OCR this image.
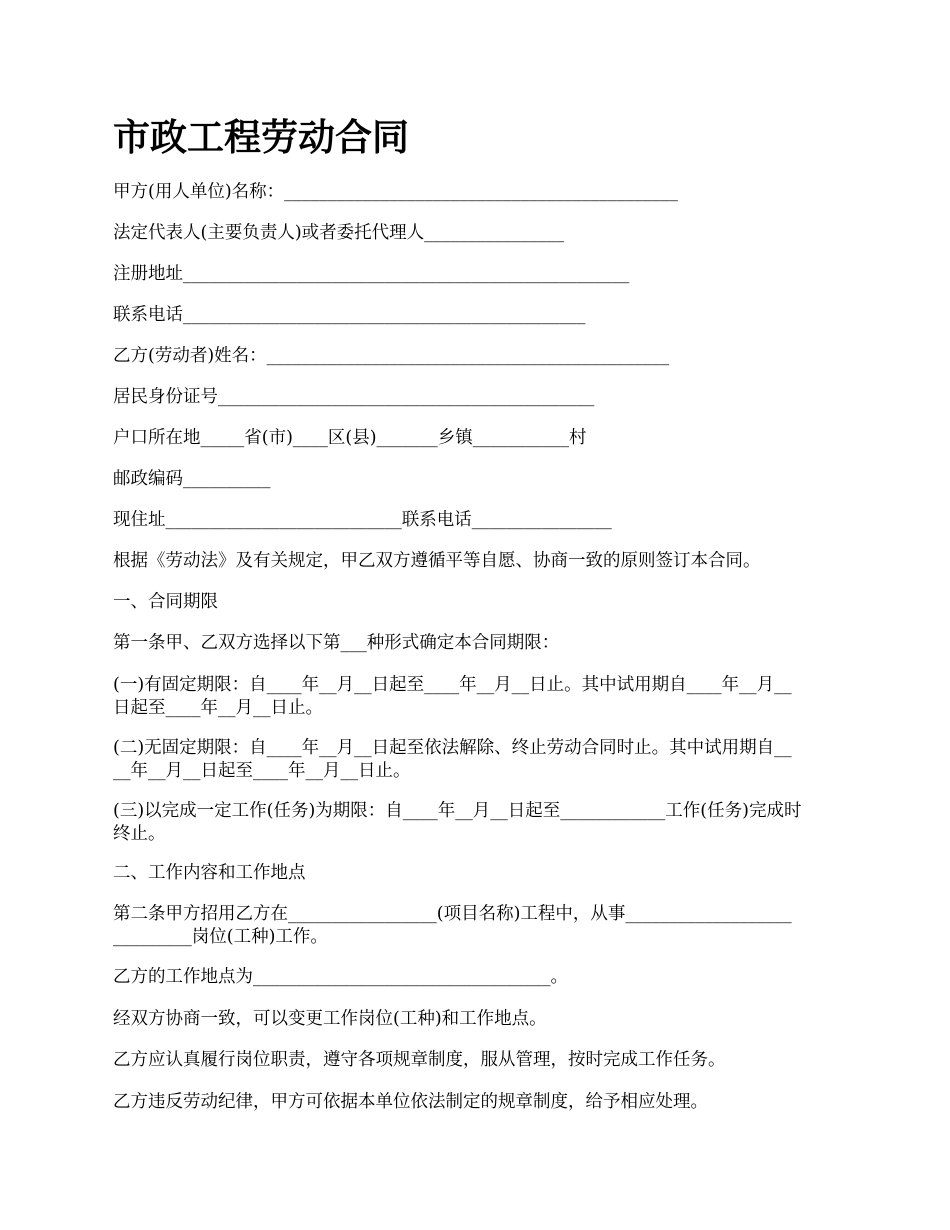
市政工程劳动合同

甲方(用人单位)名称：_____________________________________________

法定代表人(主要负责人)或者委托代理人________________

注册地址___________________________________________________

联系电话______________________________________________

乙方(劳动者)姓名：______________________________________________

居民身份证号___________________________________________

户口所在地_____省(市)____区(县)_______乡镇___________村

邮政编码__________

现住址___________________________联系电话________________

根据《劳动法》及有关规定，甲乙双方遵循平等自愿、协商一致的原则签订本合同。

一、合同期限

第一条甲、乙双方选择以下第___种形式确定本合同期限：

(一)有固定期限：自____年__月__日起至____年__月__日止。其中试用期自____年__月__
日起至____年__月__日止。

(二)无固定期限：自____年__月__日起至依法解除、终止劳动合同时止。其中试用期自__
__年__月__日起至____年__月__日止。

(三)以完成一定工作(任务)为期限：自____年__月__日起至____________工作(任务)完成时
终止。

二、工作内容和工作地点

第二条甲方招用乙方在_________________(项目名称)工程中，从事___________________
_________岗位(工种)工作。

乙方的工作地点为__________________________________。

经双方协商一致，可以变更工作岗位(工种)和工作地点。

乙方应认真履行岗位职责，遵守各项规章制度，服从管理，按时完成工作任务。

乙方违反劳动纪律，甲方可依据本单位依法制定的规章制度，给予相应处理。
